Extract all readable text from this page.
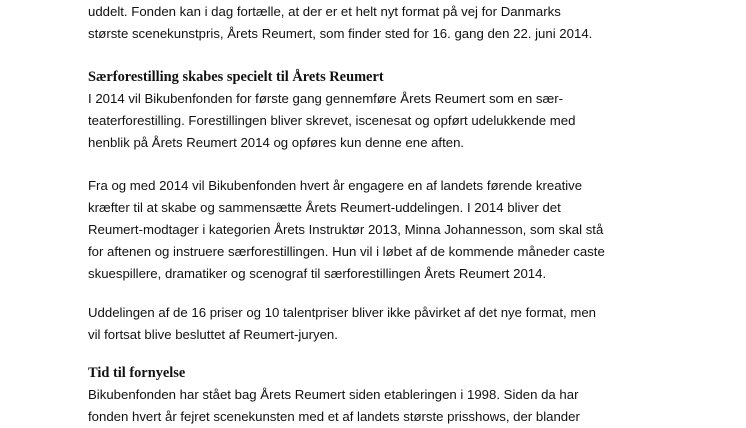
uddelt. Fonden kan i dag fortælle, at der er et helt nyt format på vej for Danmarks
største scenekunstpris, Årets Reumert, som finder sted for 16. gang den 22. juni 2014.
Særforestilling skabes specielt til Årets Reumert
I 2014 vil Bikubenfonden for første gang gennemføre Årets Reumert som en sær-
teaterforestilling. Forestillingen bliver skrevet, iscenesat og opført udelukkende med
henblik på Årets Reumert 2014 og opføres kun denne ene aften.
Fra og med 2014 vil Bikubenfonden hvert år engagere en af landets førende kreative
kræfter til at skabe og sammensætte Årets Reumert-uddelingen. I 2014 bliver det
Reumert-modtager i kategorien Årets Instruktør 2013, Minna Johannesson, som skal stå
for aftenen og instruere særforestillingen. Hun vil i løbet af de kommende måneder caste
skuespillere, dramatiker og scenograf til særforestillingen Årets Reumert 2014.
Uddelingen af de 16 priser og 10 talentpriser bliver ikke påvirket af det nye format, men
vil fortsat blive besluttet af Reumert-juryen.
Tid til fornyelse
Bikubenfonden har stået bag Årets Reumert siden etableringen i 1998. Siden da har
fonden hvert år fejret scenekunsten med et af landets største prisshows, der blander
